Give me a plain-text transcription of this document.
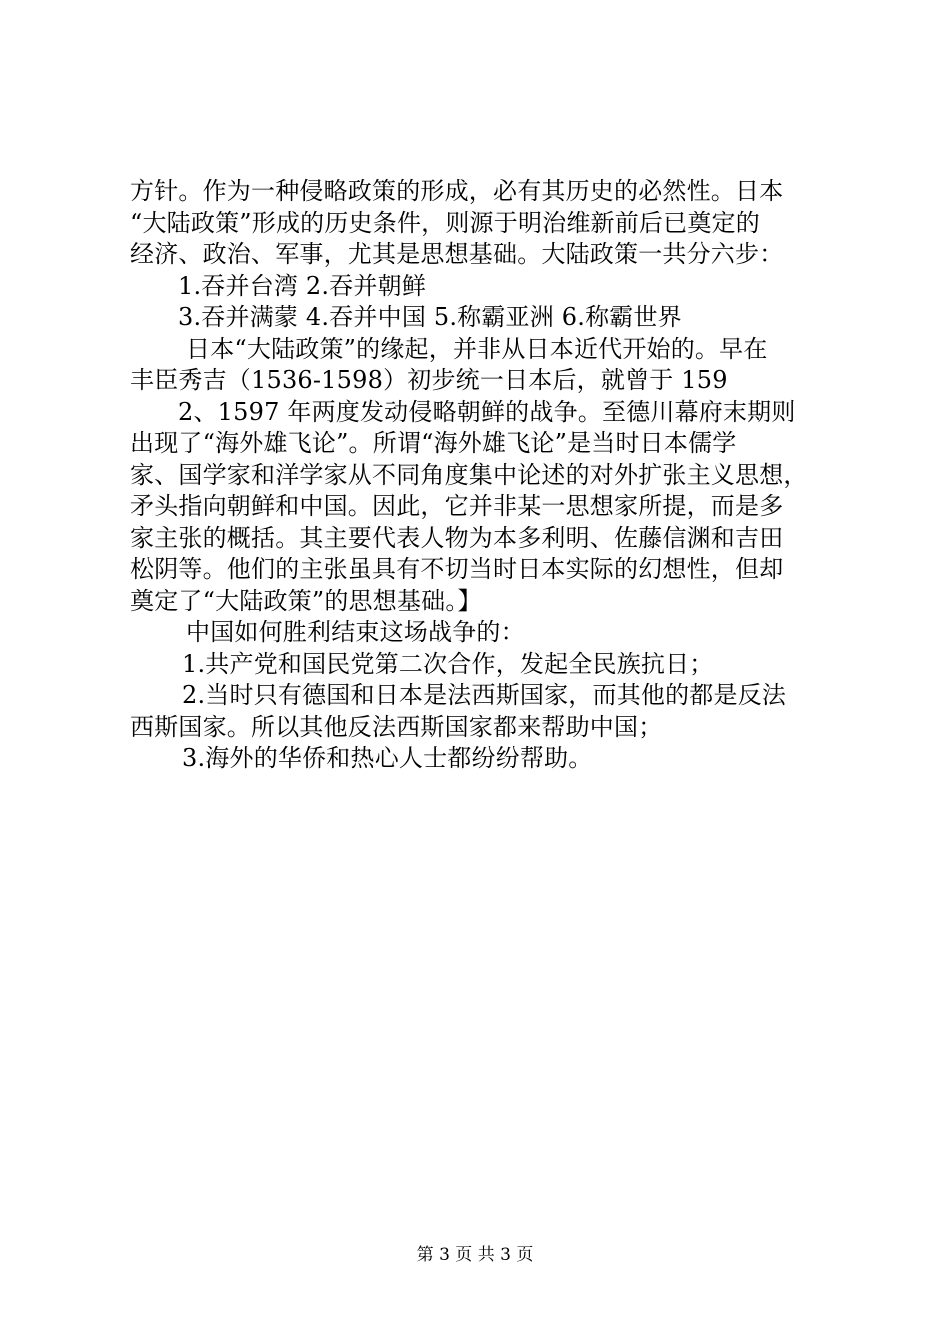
方针。作为一种侵略政策的形成，必有其历史的必然性。日本
“大陆政策”形成的历史条件，则源于明治维新前后已奠定的
经济、政治、军事，尤其是思想基础。大陆政策一共分六步：
1.吞并台湾 2.吞并朝鲜
3.吞并满蒙 4.吞并中国 5.称霸亚洲 6.称霸世界
日本“大陆政策”的缘起，并非从日本近代开始的。早在
丰臣秀吉（1536-1598）初步统一日本后，就曾于 159
2、1597 年两度发动侵略朝鲜的战争。至德川幕府末期则
出现了“海外雄飞论”。所谓“海外雄飞论”是当时日本儒学
家、国学家和洋学家从不同角度集中论述的对外扩张主义思想，
矛头指向朝鲜和中国。因此，它并非某一思想家所提，而是多
家主张的概括。其主要代表人物为本多利明、佐藤信渊和吉田
松阴等。他们的主张虽具有不切当时日本实际的幻想性，但却
奠定了“大陆政策”的思想基础。】
中国如何胜利结束这场战争的：
1.共产党和国民党第二次合作，发起全民族抗日；
2.当时只有德国和日本是法西斯国家，而其他的都是反法
西斯国家。所以其他反法西斯国家都来帮助中国；
3.海外的华侨和热心人士都纷纷帮助。
第 3 页 共 3 页
